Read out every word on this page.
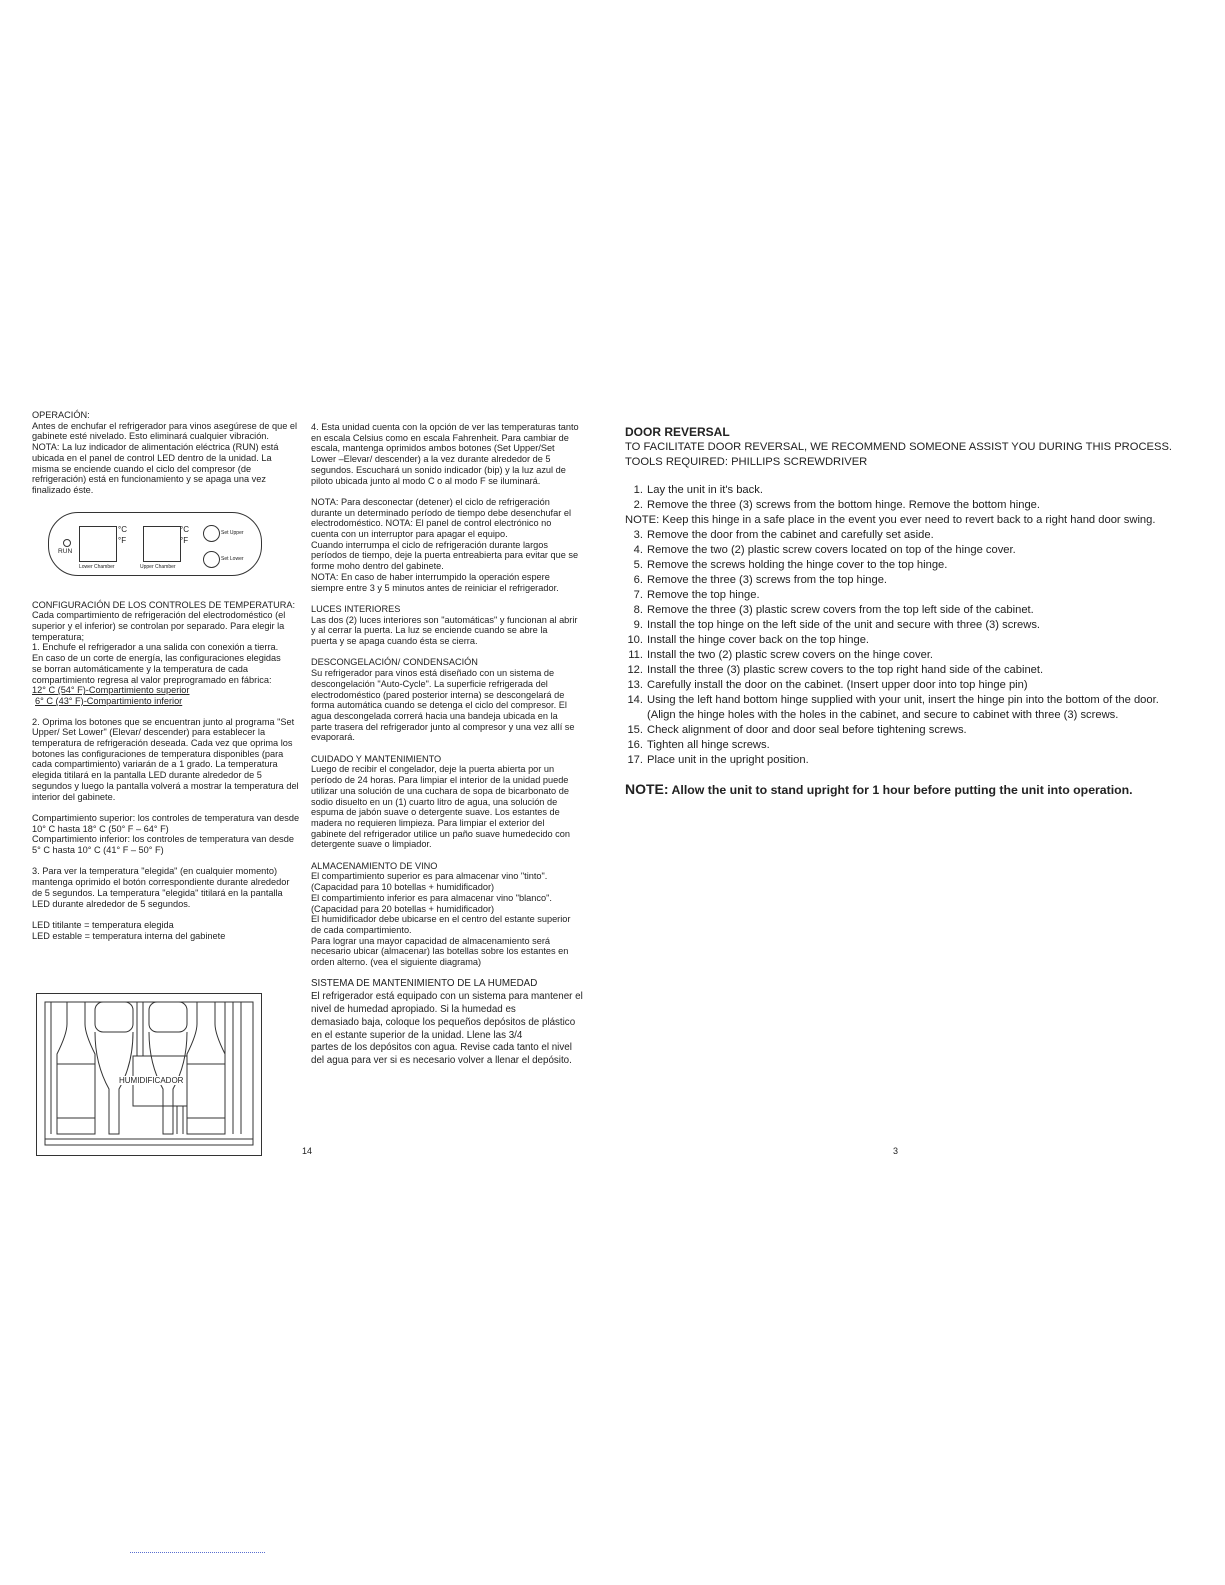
OPERACIÓN:
Antes de enchufar el refrigerador para vinos asegúrese de que el
gabinete esté nivelado. Esto eliminará cualquier vibración.
NOTA: La luz indicador de alimentación eléctrica (RUN) está
ubicada en el panel de control LED dentro de la unidad. La
misma se enciende cuando el ciclo del compresor (de
refrigeración) está en funcionamiento y se apaga una vez
finalizado éste.
CONFIGURACIÓN DE LOS CONTROLES DE TEMPERATURA:
Cada compartimiento de refrigeración del electrodoméstico (el
superior y el inferior) se controlan por separado. Para elegir la
temperatura;
1. Enchufe el refrigerador a una salida con conexión a tierra.
En caso de un corte de energía, las configuraciones elegidas
se borran automáticamente y la temperatura de cada
compartimiento regresa al valor preprogramado en fábrica:
12° C (54° F)-Compartimiento superior
6° C (43° F)-Compartimiento inferior

2. Oprima los botones que se encuentran junto al programa "Set
Upper/ Set Lower" (Elevar/ descender) para establecer la
temperatura de refrigeración deseada. Cada vez que oprima los
botones las configuraciones de temperatura disponibles (para
cada compartimiento) variarán de a 1 grado. La temperatura
elegida titilará en la pantalla LED durante alrededor de 5
segundos y luego la pantalla volverá a mostrar la temperatura del
interior del gabinete.

Compartimiento superior: los controles de temperatura van desde
10° C hasta 18° C (50° F – 64° F)
Compartimiento inferior: los controles de temperatura van desde
5° C hasta 10° C (41° F – 50° F)

3. Para ver la temperatura "elegida" (en cualquier momento)
mantenga oprimido el botón correspondiente durante alrededor
de 5 segundos. La temperatura "elegida" titilará en la pantalla
LED durante alrededor de 5 segundos.

LED titilante = temperatura elegida
LED estable = temperatura interna del gabinete

RUN
°C
°F
Lower Chamber
°C
°F
Upper Chamber
Set Upper
Set Lower
HUMIDIFICADOR

4. Esta unidad cuenta con la opción de ver las temperaturas tanto
en escala Celsius como en escala Fahrenheit. Para cambiar de
escala, mantenga oprimidos ambos botones (Set Upper/Set
Lower –Elevar/ descender) a la vez durante alrededor de 5
segundos. Escuchará un sonido indicador (bip) y la luz azul de
piloto ubicada junto al modo C o al modo F se iluminará.

NOTA: Para desconectar (detener) el ciclo de refrigeración
durante un determinado período de tiempo debe desenchufar el
electrodoméstico. NOTA: El panel de control electrónico no
cuenta con un interruptor para apagar el equipo.
Cuando interrumpa el ciclo de refrigeración durante largos
períodos de tiempo, deje la puerta entreabierta para evitar que se
forme moho dentro del gabinete.
NOTA: En caso de haber interrumpido la operación espere
siempre entre 3 y 5 minutos antes de reiniciar el refrigerador.

LUCES INTERIORES
Las dos (2) luces interiores son "automáticas" y funcionan al abrir
y al cerrar la puerta. La luz se enciende cuando se abre la
puerta y se apaga cuando ésta se cierra.

DESCONGELACIÓN/ CONDENSACIÓN
Su refrigerador para vinos está diseñado con un sistema de
descongelación "Auto-Cycle". La superficie refrigerada del
electrodoméstico (pared posterior interna) se descongelará de
forma automática cuando se detenga el ciclo del compresor. El
agua descongelada correrá hacia una bandeja ubicada en la
parte trasera del refrigerador junto al compresor y una vez allí se
evaporará.

CUIDADO Y MANTENIMIENTO
Luego de recibir el congelador, deje la puerta abierta por un
período de 24 horas. Para limpiar el interior de la unidad puede
utilizar una solución de una cuchara de sopa de bicarbonato de
sodio disuelto en un (1) cuarto litro de agua, una solución de
espuma de jabón suave o detergente suave. Los estantes de
madera no requieren limpieza. Para limpiar el exterior del
gabinete del refrigerador utilice un paño suave humedecido con
detergente suave o limpiador.

ALMACENAMIENTO DE VINO
El compartimiento superior es para almacenar vino "tinto".
(Capacidad para 10 botellas + humidificador)
El compartimiento inferior es para almacenar vino "blanco".
(Capacidad para 20 botellas + humidificador)
El humidificador debe ubicarse en el centro del estante superior
de cada compartimiento.
Para lograr una mayor capacidad de almacenamiento será
necesario ubicar (almacenar) las botellas sobre los estantes en
orden alterno. (vea el siguiente diagrama)

SISTEMA DE MANTENIMIENTO DE LA HUMEDAD
El refrigerador está equipado con un sistema para mantener el
nivel de humedad apropiado. Si la humedad es
demasiado baja, coloque los pequeños depósitos de plástico
en el estante superior de la unidad. Llene las 3/4
partes de los depósitos con agua. Revise cada tanto el nivel
del agua para ver si es necesario volver a llenar el depósito.

14
DOOR REVERSAL
TO FACILITATE DOOR REVERSAL, WE RECOMMEND SOMEONE ASSIST YOU DURING THIS PROCESS.
TOOLS REQUIRED: PHILLIPS SCREWDRIVER
1. Lay the unit in it's back.
2. Remove the three (3) screws from the bottom hinge. Remove the bottom hinge.
NOTE: Keep this hinge in a safe place in the event you ever need to revert back to a right hand door swing.
3. Remove the door from the cabinet and carefully set aside.
4. Remove the two (2) plastic screw covers located on top of the hinge cover.
5. Remove the screws holding the hinge cover to the top hinge.
6. Remove the three (3) screws from the top hinge.
7. Remove the top hinge.
8. Remove the three (3) plastic screw covers from the top left side of the cabinet.
9. Install the top hinge on the left side of the unit and secure with three (3) screws.
10. Install the hinge cover back on the top hinge.
11. Install the two (2) plastic screw covers on the hinge cover.
12. Install the three (3) plastic screw covers to the top right hand side of the cabinet.
13. Carefully install the door on the cabinet. (Insert upper door into top hinge pin)
14. Using the left hand bottom hinge supplied with your unit, insert the hinge pin into the bottom of the door.
(Align the hinge holes with the holes in the cabinet, and secure to cabinet with three (3) screws.
15. Check alignment of door and door seal before tightening screws.
16. Tighten all hinge screws.
17. Place unit in the upright position.
NOTE: Allow the unit to stand upright for 1 hour before putting the unit into operation.
3
